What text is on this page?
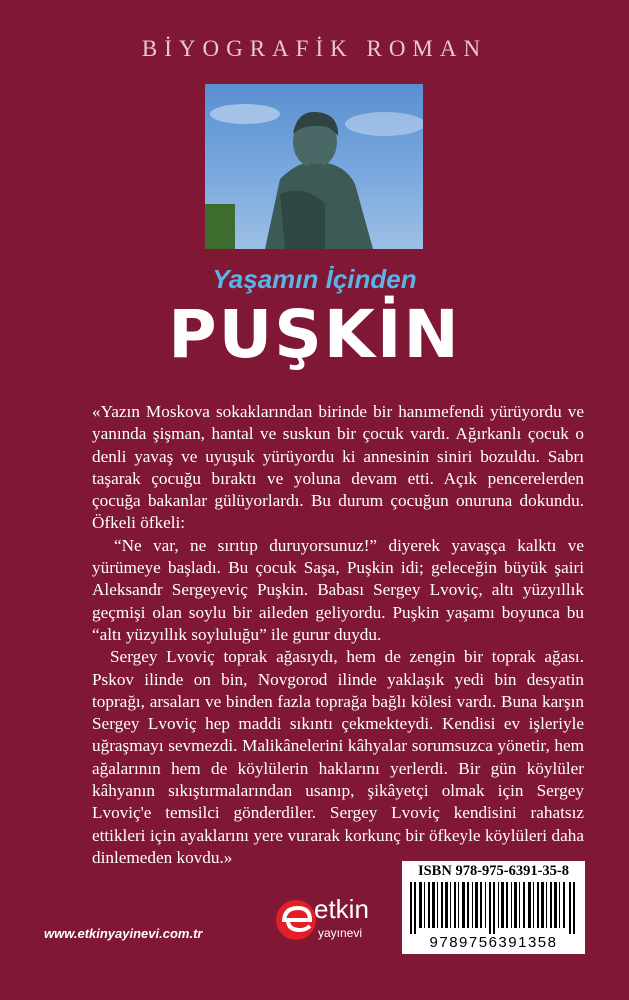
BİYOGRAFİK ROMAN
Yaşamın İçinden
PUŞKİN

«Yazın Moskova sokaklarından birinde bir hanımefendi yürüyordu ve yanında şişman, hantal ve suskun bir çocuk vardı. Ağırkanlı çocuk o denli yavaş ve uyuşuk yürüyordu ki annesinin siniri bozuldu. Sabrı taşarak çocuğu bıraktı ve yoluna devam etti. Açık pencerelerden çocuğa bakanlar gülüyorlardı. Bu durum çocuğun onuruna dokundu. Öfkeli öfkeli:

“Ne var, ne sırıtıp duruyorsunuz!” diyerek yavaşça kalktı ve yürümeye başladı. Bu çocuk Saşa, Puşkin idi; geleceğin büyük şairi Aleksandr Sergeyeviç Puşkin. Babası Sergey Lvoviç, altı yüzyıllık geçmişi olan soylu bir aileden geliyordu. Puşkin yaşamı boyunca bu “altı yüzyıllık soyluluğu” ile gurur duydu.

Sergey Lvoviç toprak ağasıydı, hem de zengin bir toprak ağası. Pskov ilinde on bin, Novgorod ilinde yaklaşık yedi bin desyatin toprağı, arsaları ve binden fazla toprağa bağlı kölesi vardı. Buna karşın Sergey Lvoviç hep maddi sıkıntı çekmekteydi. Kendisi ev işleriyle uğraşmayı sevmezdi. Malikânelerini kâhyalar sorumsuzca yönetir, hem ağalarının hem de köylülerin haklarını yerlerdi. Bir gün köylüler kâhyanın sıkıştırmalarından usanıp, şikâyetçi olmak için Sergey Lvoviç'e temsilci gönderdiler. Sergey Lvoviç kendisini rahatsız ettikleri için ayaklarını yere vurarak korkunç bir öfkeyle köylüleri daha dinlemeden kovdu.»

www.etkinyayinevi.com.tr
etkin
yayınevi
ISBN 978-975-6391-35-8
9789756391358
